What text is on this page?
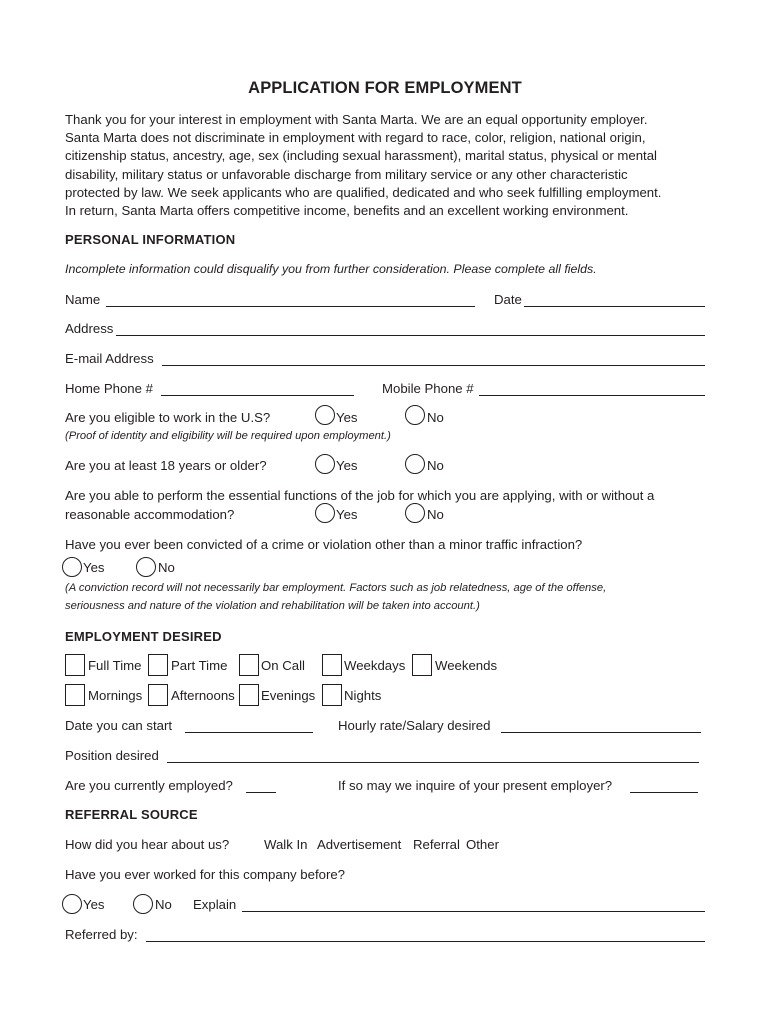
APPLICATION FOR EMPLOYMENT
Thank you for your interest in employment with Santa Marta. We are an equal opportunity employer.
Santa Marta does not discriminate in employment with regard to race, color, religion, national origin,
citizenship status, ancestry, age, sex (including sexual harassment), marital status, physical or mental
disability, military status or unfavorable discharge from military service or any other characteristic
protected by law. We seek applicants who are qualified, dedicated and who seek fulfilling employment.
In return, Santa Marta offers competitive income, benefits and an excellent working environment.
PERSONAL INFORMATION
Incomplete information could disqualify you from further consideration. Please complete all fields.
Name	Date
Address
E-mail Address
Home Phone #	Mobile Phone #
Are you eligible to work in the U.S?	Yes	No
(Proof of identity and eligibility will be required upon employment.)
Are you at least 18 years or older?	Yes	No
Are you able to perform the essential functions of the job for which you are applying, with or without a
reasonable accommodation?	Yes	No
Have you ever been convicted of a crime or violation other than a minor traffic infraction?
Yes	No
(A conviction record will not necessarily bar employment. Factors such as job relatedness, age of the offense,
seriousness and nature of the violation and rehabilitation will be taken into account.)
EMPLOYMENT DESIRED
Full Time Part Time	On Call	Weekdays Weekends
Mornings Afternoons Evenings Nights
Date you can start	Hourly rate/Salary desired
Position desired
Are you currently employed?	If so may we inquire of your present employer?
REFERRAL SOURCE
How did you hear about us?	Walk In Advertisement Referral Other
Have you ever worked for this company before?
Yes	No Explain
Referred by:
